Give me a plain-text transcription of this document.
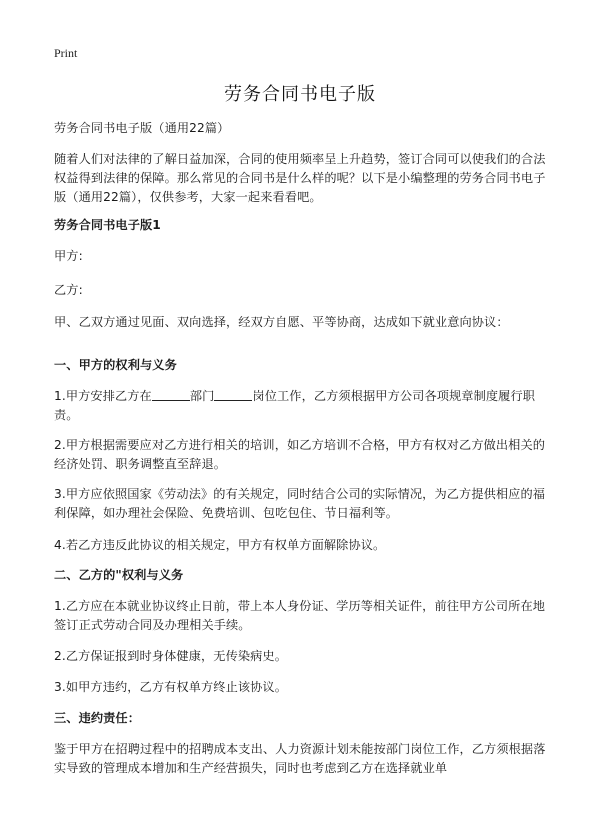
Print
劳务合同书电子版

劳务合同书电子版（通用22篇）

随着人们对法律的了解日益加深，合同的使用频率呈上升趋势，签订合同可以使我们的合法权益得到法律的保障。那么常见的合同书是什么样的呢？以下是小编整理的劳务合同书电子版（通用22篇），仅供参考，大家一起来看看吧。

劳务合同书电子版1

甲方:

乙方:

甲、乙双方通过见面、双向选择，经双方自愿、平等协商，达成如下就业意向协议：

一、甲方的权利与义务

1.甲方安排乙方在	部门	岗位工作，乙方须根据甲方公司各项规章制度履行职责。

2.甲方根据需要应对乙方进行相关的培训，如乙方培训不合格，甲方有权对乙方做出相关的经济处罚、职务调整直至辞退。

3.甲方应依照国家《劳动法》的有关规定，同时结合公司的实际情况，为乙方提供相应的福利保障，如办理社会保险、免费培训、包吃包住、节日福利等。

4.若乙方违反此协议的相关规定，甲方有权单方面解除协议。

二、乙方的"权利与义务

1.乙方应在本就业协议终止日前，带上本人身份证、学历等相关证件，前往甲方公司所在地签订正式劳动合同及办理相关手续。

2.乙方保证报到时身体健康，无传染病史。

3.如甲方违约，乙方有权单方终止该协议。

三、违约责任：

鉴于甲方在招聘过程中的招聘成本支出、人力资源计划未能按部门岗位工作，乙方须根据落实导致的管理成本增加和生产经营损失，同时也考虑到乙方在选择就业单
